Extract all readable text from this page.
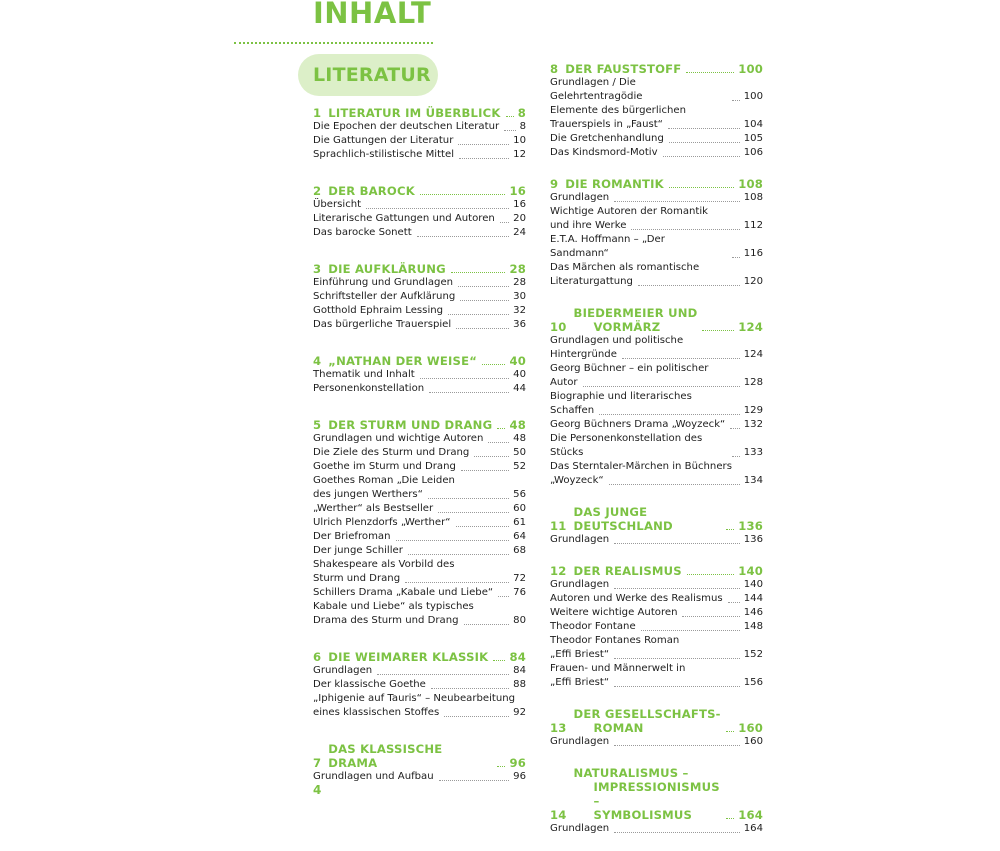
INHALT
LITERATUR
1 LITERATUR IM ÜBERBLICK 8
Die Epochen der deutschen Literatur 8
Die Gattungen der Literatur	10
Sprachlich-stilistische Mittel	12
2 DER BAROCK	16
Übersicht	16
Literarische Gattungen und Autoren 20
Das barocke Sonett	24
3 DIE AUFKLÄRUNG	28
Einführung und Grundlagen	28
Schriftsteller der Aufklärung	30
Gotthold Ephraim Lessing	32
Das bürgerliche Trauerspiel	36
4 „NATHAN DER WEISE“	40
Thematik und Inhalt	40
Personenkonstellation	44
5 DER STURM UND DRANG 48
Grundlagen und wichtige Autoren	48
Die Ziele des Sturm und Drang	50
Goethe im Sturm und Drang	52
Goethes Roman „Die Leiden
des jungen Werthers“	56
„Werther“ als Bestseller	60
Ulrich Plenzdorfs „Werther“	61
Der Briefroman	64
Der junge Schiller	68
Shakespeare als Vorbild des
Sturm und Drang	72
Schillers Drama „Kabale und Liebe“ 76
Kabale und Liebe“ als typisches
Drama des Sturm und Drang	80
6 DIE WEIMARER KLASSIK 84
Grundlagen	84
Der klassische Goethe	88
„Iphigenie auf Tauris“ – Neubearbeitung
eines klassischen Stoffes	92
7
DAS KLASSISCHE DRAMA	96
Grundlagen und Aufbau	96
8 DER FAUSTSTOFF	100
Grundlagen / Die Gelehrtentragödie	100
Elemente des bürgerlichen
Trauerspiels in „Faust“	104
Die Gretchenhandlung	105
Das Kindsmord-Motiv	106
9 DIE ROMANTIK	108
Grundlagen	108
Wichtige Autoren der Romantik
und ihre Werke	112
E.T.A. Hoffmann – „Der Sandmann“	116
Das Märchen als romantische
Literaturgattung	120
10
BIEDERMEIER UND
VORMÄRZ	124
Grundlagen und politische
Hintergründe	124
Georg Büchner – ein politischer
Autor	128
Biographie und literarisches
Schaffen	129
Georg Büchners Drama „Woyzeck“ 132
Die Personenkonstellation des Stücks	133
Das Sterntaler-Märchen in Büchners
„Woyzeck“	134
11
DAS JUNGE DEUTSCHLAND	136
Grundlagen	136
12 DER REALISMUS	140
Grundlagen	140
Autoren und Werke des Realismus 144
Weitere wichtige Autoren	146
Theodor Fontane	148
Theodor Fontanes Roman
„Effi Briest“	152
Frauen- und Männerwelt in
„Effi Briest“	156
13
DER GESELLSCHAFTS-
ROMAN	160
Grundlagen	160
14
NATURALISMUS –
IMPRESSIONISMUS –
SYMBOLISMUS	164
Grundlagen	164
4
